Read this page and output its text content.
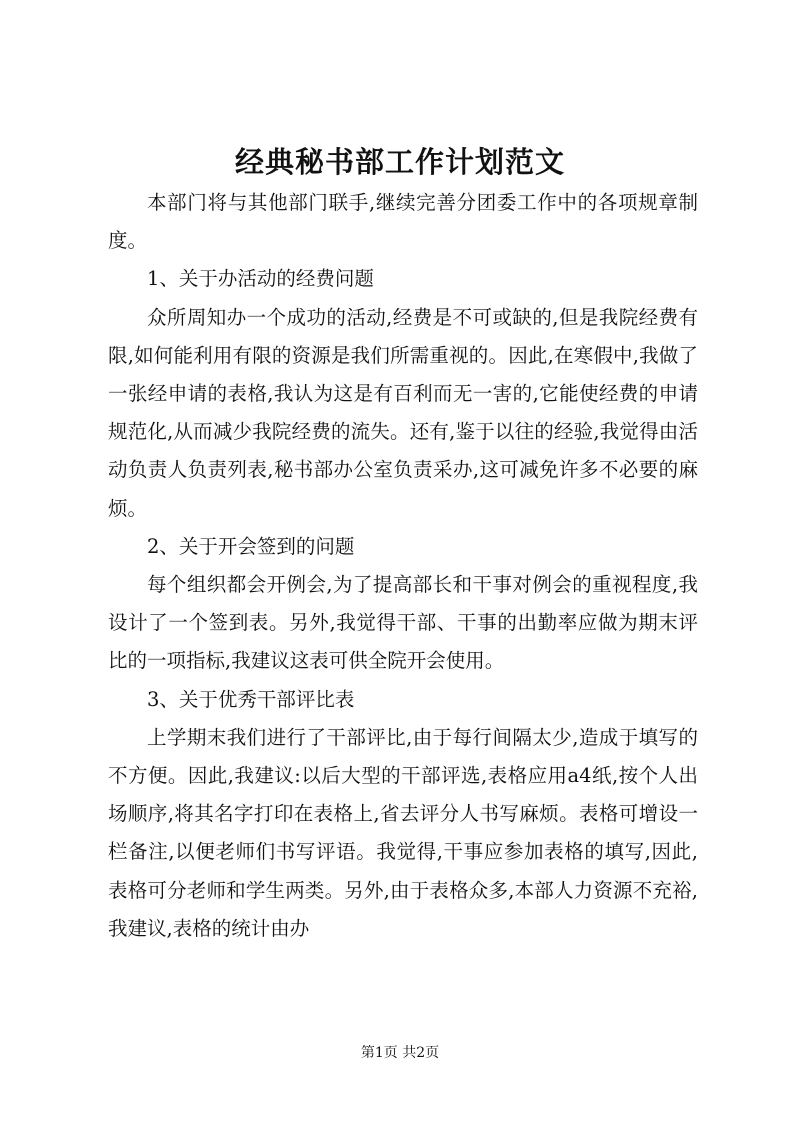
经典秘书部工作计划范文

本部门将与其他部门联手,继续完善分团委工作中的各项规章制度。

1、关于办活动的经费问题

众所周知办一个成功的活动,经费是不可或缺的,但是我院经费有限,如何能利用有限的资源是我们所需重视的。因此,在寒假中,我做了一张经申请的表格,我认为这是有百利而无一害的,它能使经费的申请规范化,从而减少我院经费的流失。还有,鉴于以往的经验,我觉得由活动负责人负责列表,秘书部办公室负责采办,这可减免许多不必要的麻烦。

2、关于开会签到的问题

每个组织都会开例会,为了提高部长和干事对例会的重视程度,我设计了一个签到表。另外,我觉得干部、干事的出勤率应做为期末评比的一项指标,我建议这表可供全院开会使用。

3、关于优秀干部评比表

上学期末我们进行了干部评比,由于每行间隔太少,造成于填写的不方便。因此,我建议:以后大型的干部评选,表格应用a4纸,按个人出场顺序,将其名字打印在表格上,省去评分人书写麻烦。表格可增设一栏备注,以便老师们书写评语。我觉得,干事应参加表格的填写,因此,表格可分老师和学生两类。另外,由于表格众多,本部人力资源不充裕,我建议,表格的统计由办

第1页 共2页
